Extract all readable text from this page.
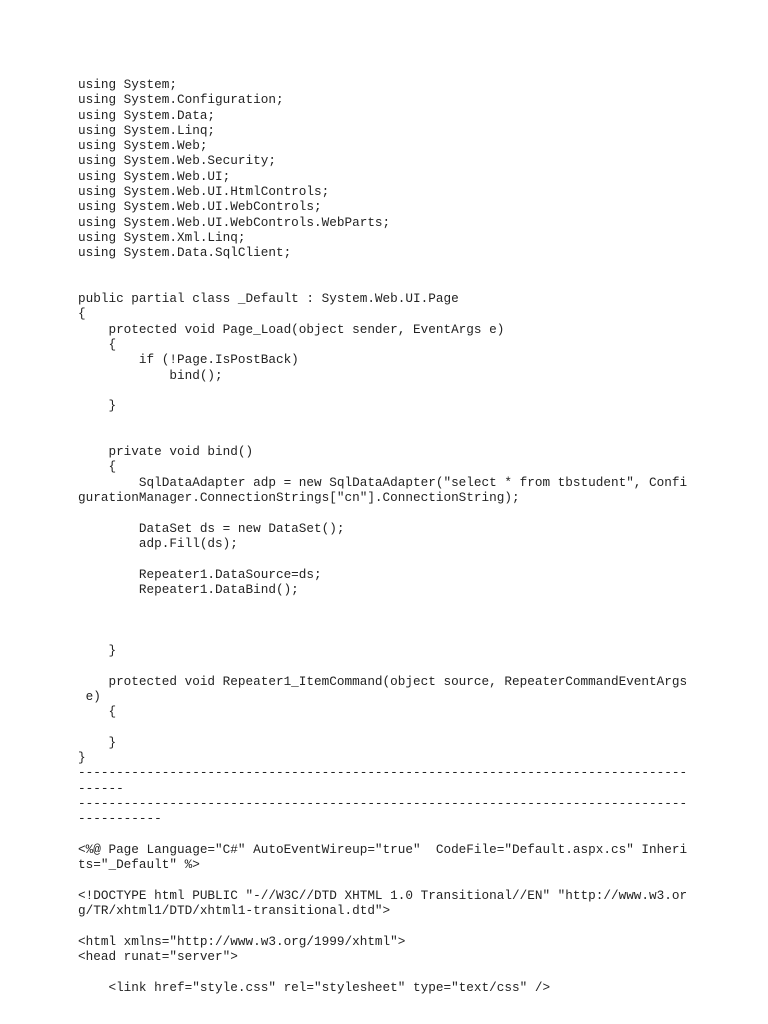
using System;
using System.Configuration;
using System.Data;
using System.Linq;
using System.Web;
using System.Web.Security;
using System.Web.UI;
using System.Web.UI.HtmlControls;
using System.Web.UI.WebControls;
using System.Web.UI.WebControls.WebParts;
using System.Xml.Linq;
using System.Data.SqlClient;
public partial class _Default : System.Web.UI.Page
{
protected void Page_Load(object sender, EventArgs e)
{
if (!Page.IsPostBack)
bind();
}
private void bind()
{
SqlDataAdapter adp = new SqlDataAdapter("select * from tbstudent", Confi
gurationManager.ConnectionStrings["cn"].ConnectionString);
DataSet ds = new DataSet();
adp.Fill(ds);
Repeater1.DataSource=ds;
Repeater1.DataBind();
}
protected void Repeater1_ItemCommand(object source, RepeaterCommandEventArgs
e)
{
}
}
--------------------------------------------------------------------------------
------
--------------------------------------------------------------------------------
-----------
<%@ Page Language="C#" AutoEventWireup="true"  CodeFile="Default.aspx.cs" Inheri
ts="_Default" %>
<!DOCTYPE html PUBLIC "-//W3C//DTD XHTML 1.0 Transitional//EN" "http://www.w3.or
g/TR/xhtml1/DTD/xhtml1-transitional.dtd">
<html xmlns="http://www.w3.org/1999/xhtml">
<head runat="server">
<link href="style.css" rel="stylesheet" type="text/css" />
